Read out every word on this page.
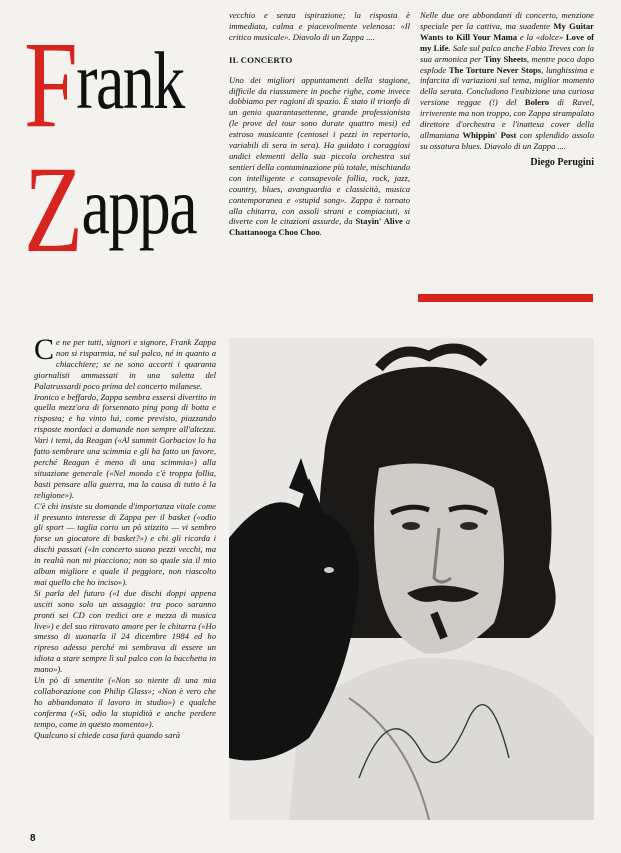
Frank
Zappa

vecchio e senza ispirazione; la risposta è immediata, calma e piacevolmente velenosa: «Il critico musicale». Diavolo di un Zappa ....

IL CONCERTO

Uno dei migliori appuntamenti della stagione, difficile da riassumere in poche righe, come invece dobbiamo per ragioni di spazio. È stato il trionfo di un genio quarantasettenne, grande professionista (le prove del tour sono durate quattro mesi) ed estroso musicante (centosei i pezzi in repertorio, variabili di sera in sera). Ha guidato i coraggiosi undici elementi della sua piccola orchestra sui sentieri della contaminazione più totale, mischiando con intelligente e consapevole follia, rock, jazz, country, blues, avanguardia e classicità, musica contemporanea e «stupid song». Zappa è tornato alla chitarra, con assoli strani e compiaciuti, si diverte con le citazioni assurde, da Stayin' Alive a Chattanooga Choo Choo.

Nelle due ore abbondanti di concerto, menzione speciale per la cattiva, ma suadente My Guitar Wants to Kill Your Mama e la «dolce» Love of my Life. Sale sul palco anche Fabio Treves con la sua armonica per Tiny Sheets, mentre poco dopo esplode The Torture Never Stops, lunghissima e infarcita di variazioni sul tema, miglior momento della serata. Concludono l'esibizione una curiosa versione reggae (!) del Bolero di Ravel, irriverente ma non troppo, con Zappa strampalato direttore d'orchestra e l'inattesa cover della allmaniana Whippin' Post con splendido assolo su ossatura blues. Diavolo di un Zappa ....

Diego Perugini

Ce ne per tutti, signori e signore, Frank Zappa non si risparmia, né sul palco, né in quanto a chiacchiere; se ne sono accorti i quaranta giornalisti ammassati in una saletta del Palatrussardi poco prima del concerto milanese.

Ironico e beffardo, Zappa sembra essersi divertito in quella mezz'ora di forsennato ping pong di botta e risposta; e ha vinto lui, come previsto, piazzando risposte mordaci a domande non sempre all'altezza. Vari i temi, da Reagan («Al summit Gorbaciov lo ha fatto sembrare una scimmia e gli ha fatto un favore, perché Reagan è meno di una scimmia») alla situazione generale («Nel mondo c'è troppa follia, basti pensare alla guerra, ma la causa di tutto è la religione»).

C'è chi insiste su domande d'importanza vitale come il presunto interesse di Zappa per il basket («odio gli sport — taglia corto un pò stizzito — vi sembro forse un giocatore di basket?») e chi gli ricorda i dischi passati («In concerto suono pezzi vecchi, ma in realtà non mi piacciono; non so quale sia il mio album migliore e quale il peggiore, non riascolto mai quello che ho inciso»).

Si parla del futuro («I due dischi doppi appena usciti sono solo un assaggio: tra poco saranno pronti sei CD con tredici ore e mezza di musica live») e del suo ritrovato amore per le chitarra («Ho smesso di suonarla il 24 dicembre 1984 ed ho ripreso adesso perché mi sembrava di essere un idiota a stare sempre lì sul palco con la bacchetta in mano»).

Un pò di smentite («Non so niente di una mia collaborazione con Philip Glass»; «Non è vero che ho abbandonato il lavoro in studio») e qualche conferma («Sì, odio la stupidità e anche perdere tempo, come in questo momento»).

Qualcuno si chiede cosa farà quando sarà

8
